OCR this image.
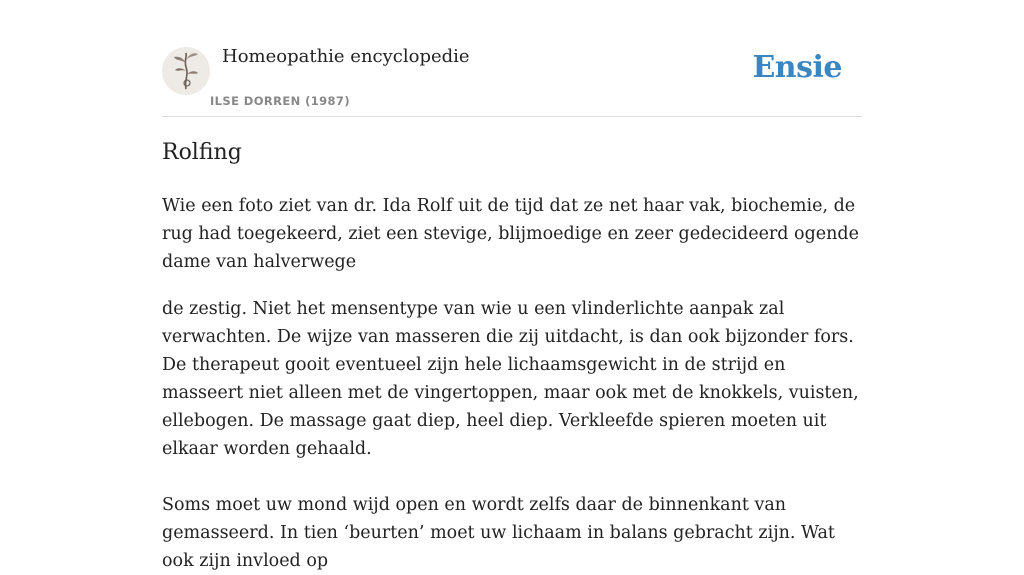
Homeopathie encyclopedie
ILSE DORREN (1987)
Ensie
Rolfing

Wie een foto ziet van dr. Ida Rolf uit de tijd dat ze net haar vak, biochemie, de rug had toegekeerd, ziet een stevige, blijmoedige en zeer gedecideerd ogende dame van halverwege

de zestig. Niet het mensentype van wie u een vlinderlichte aanpak zal verwachten. De wijze van masseren die zij uitdacht, is dan ook bijzonder fors. De therapeut gooit eventueel zijn hele lichaamsgewicht in de strijd en masseert niet alleen met de vingertoppen, maar ook met de knokkels, vuisten, ellebogen. De massage gaat diep, heel diep. Verkleefde spieren moeten uit elkaar worden gehaald.

Soms moet uw mond wijd open en wordt zelfs daar de binnenkant van gemasseerd. In tien ‘beurten’ moet uw lichaam in balans gebracht zijn. Wat ook zijn invloed op
